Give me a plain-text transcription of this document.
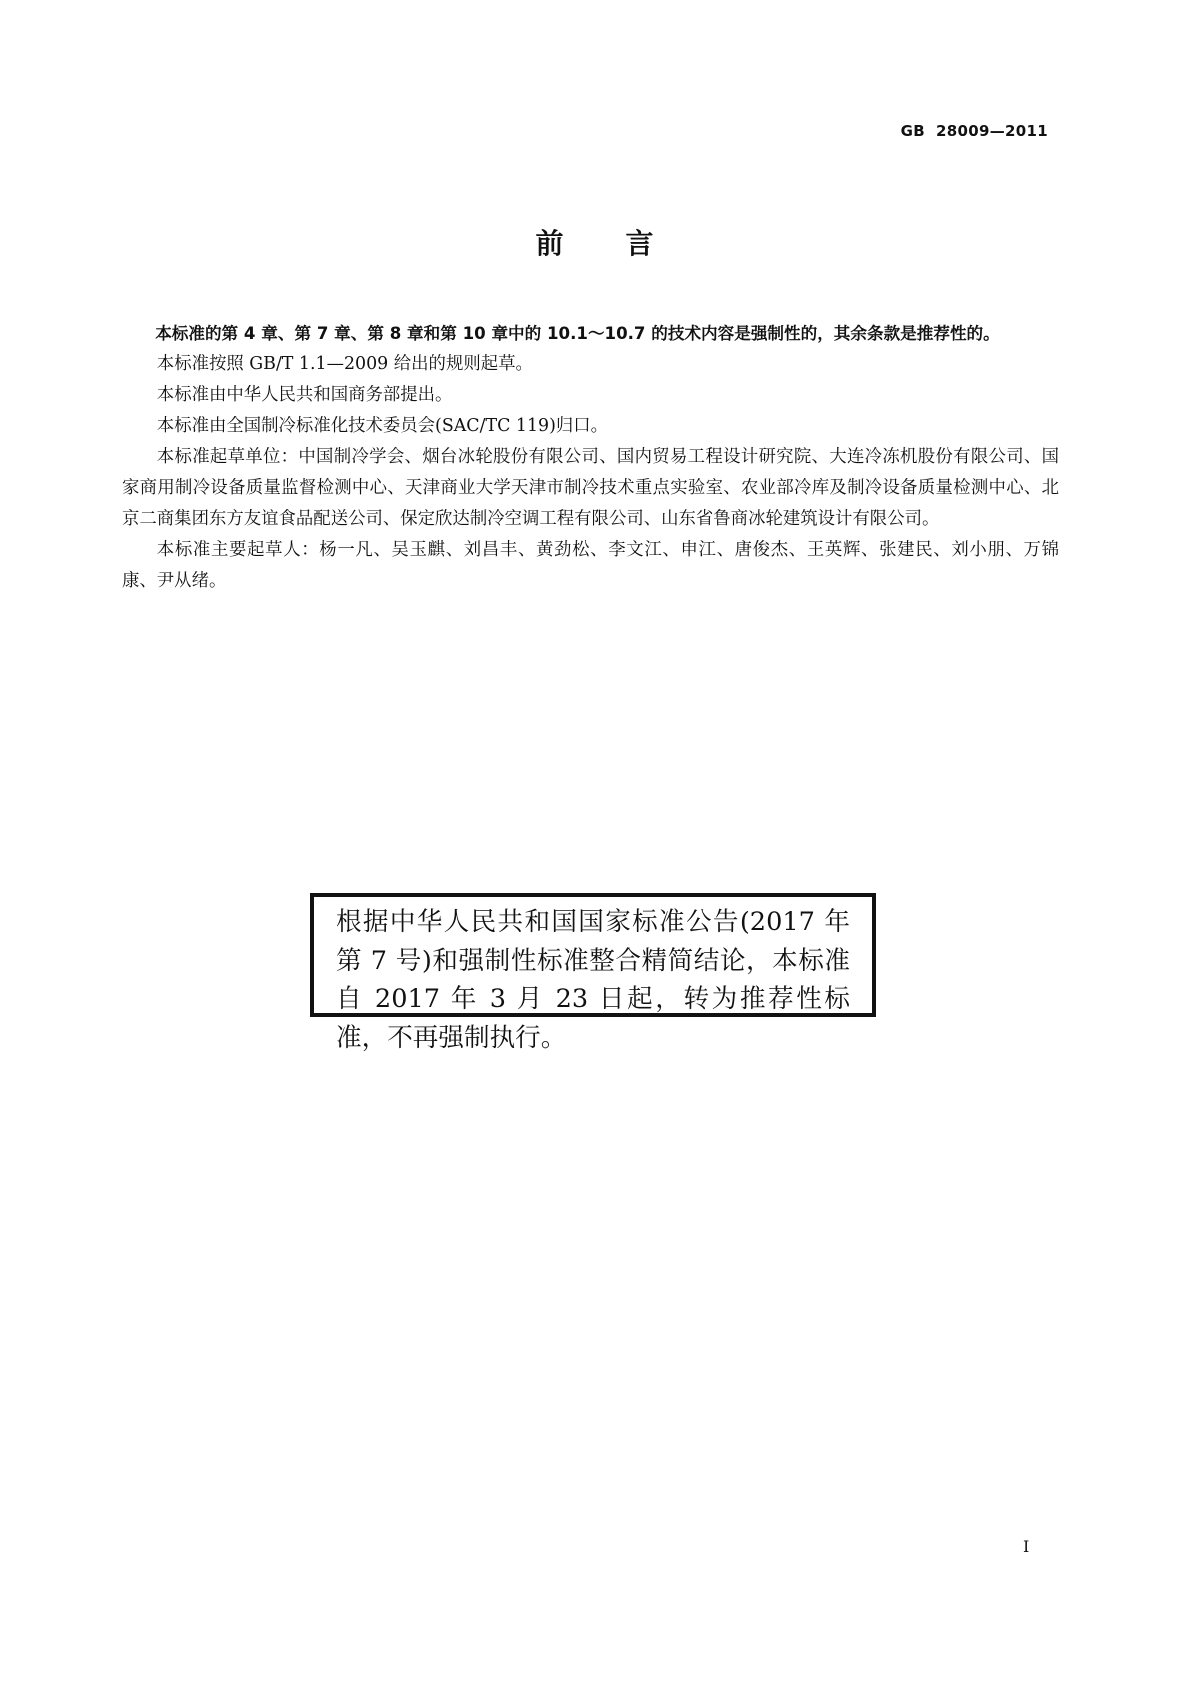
GB  28009—2011
前　　言

本标准的第 4 章、第 7 章、第 8 章和第 10 章中的 10.1～10.7 的技术内容是强制性的，其余条款是推荐性的。

本标准按照 GB/T 1.1—2009 给出的规则起草。

本标准由中华人民共和国商务部提出。

本标准由全国制冷标准化技术委员会(SAC/TC 119)归口。

本标准起草单位：中国制冷学会、烟台冰轮股份有限公司、国内贸易工程设计研究院、大连冷冻机股份有限公司、国家商用制冷设备质量监督检测中心、天津商业大学天津市制冷技术重点实验室、农业部冷库及制冷设备质量检测中心、北京二商集团东方友谊食品配送公司、保定欣达制冷空调工程有限公司、山东省鲁商冰轮建筑设计有限公司。

本标准主要起草人：杨一凡、吴玉麒、刘昌丰、黄劲松、李文江、申江、唐俊杰、王英辉、张建民、刘小朋、万锦康、尹从绪。

根据中华人民共和国国家标准公告(2017 年第 7 号)和强制性标准整合精简结论，本标准自 2017 年 3 月 23 日起，转为推荐性标准，不再强制执行。

I
